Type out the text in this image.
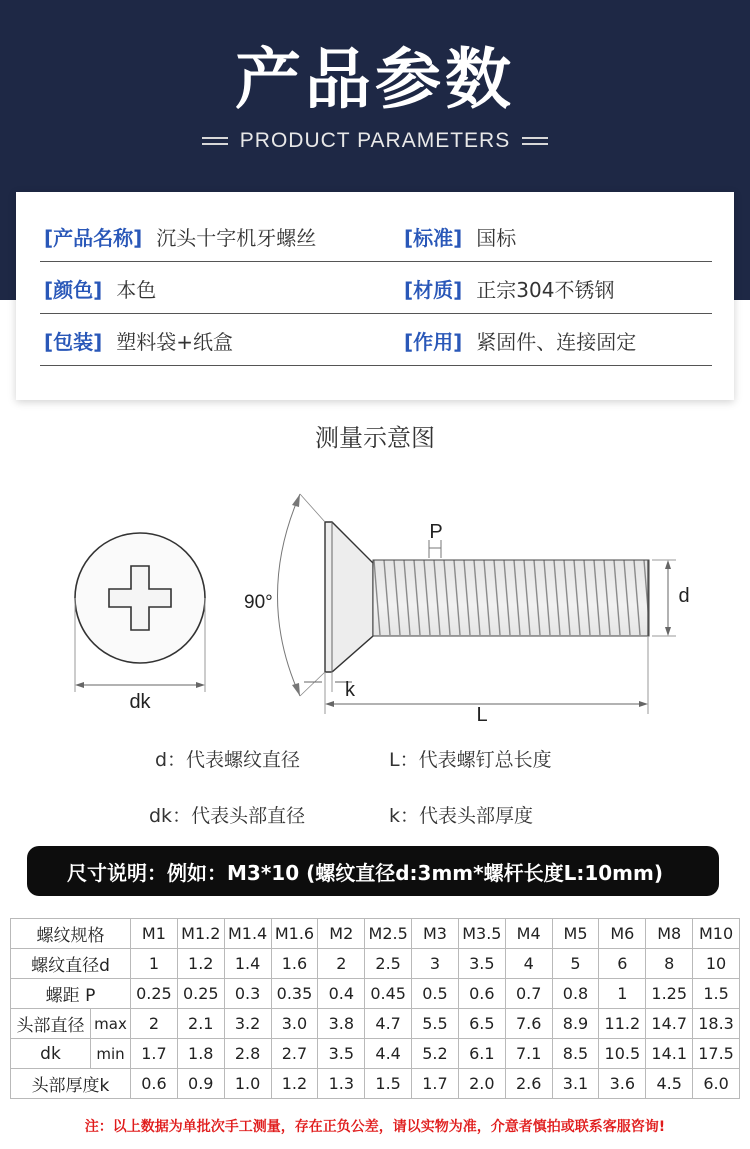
产品参数
PRODUCT PARAMETERS
[产品名称] 沉头十字机牙螺丝	[标准] 国标
[颜色] 本色	[材质] 正宗304不锈钢
[包装] 塑料袋+纸盒	[作用] 紧固件、连接固定
测量示意图
dk
90°
P
d
k
L
d：代表螺纹直径	L：代表螺钉总长度
dk：代表头部直径	k：代表头部厚度
尺寸说明：例如：M3*10 (螺纹直径d:3mm*螺杆长度L:10mm)
螺纹规格		M1	M1.2	M1.4	M1.6	M2	M2.5	M3	M3.5	M4	M5	M6	M8	M10
螺纹直径d		1	1.2	1.4	1.6	2	2.5	3	3.5	4	5	6	8	10
螺距 P		0.25	0.25	0.3	0.35	0.4	0.45	0.5	0.6	0.7	0.8	1	1.25	1.5
头部直径	max	2	2.1	3.2	3.0	3.8	4.7	5.5	6.5	7.6	8.9	11.2	14.7	18.3
dk	min	1.7	1.8	2.8	2.7	3.5	4.4	5.2	6.1	7.1	8.5	10.5	14.1	17.5
头部厚度k		0.6	0.9	1.0	1.2	1.3	1.5	1.7	2.0	2.6	3.1	3.6	4.5	6.0
注：以上数据为单批次手工测量，存在正负公差，请以实物为准，介意者慎拍或联系客服咨询!
